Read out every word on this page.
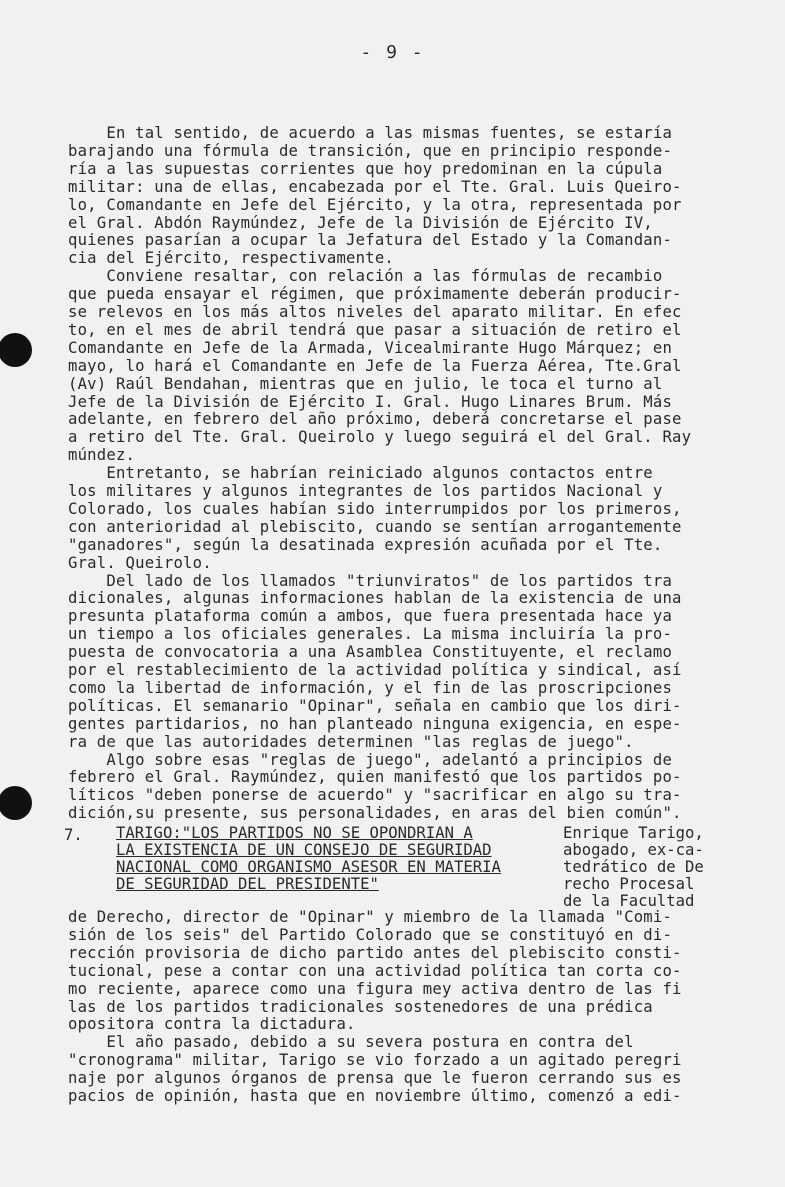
- 9 -
En tal sentido, de acuerdo a las mismas fuentes, se estaría
barajando una fórmula de transición, que en principio responde-
ría a las supuestas corrientes que hoy predominan en la cúpula
militar: una de ellas, encabezada por el Tte. Gral. Luis Queiro-
lo, Comandante en Jefe del Ejército, y la otra, representada por
el Gral. Abdón Raymúndez, Jefe de la División de Ejército IV,
quienes pasarían a ocupar la Jefatura del Estado y la Comandan-
cia del Ejército, respectivamente.
Conviene resaltar, con relación a las fórmulas de recambio
que pueda ensayar el régimen, que próximamente deberán producir-
se relevos en los más altos niveles del aparato militar. En efec
to, en el mes de abril tendrá que pasar a situación de retiro el
Comandante en Jefe de la Armada, Vicealmirante Hugo Márquez; en
mayo, lo hará el Comandante en Jefe de la Fuerza Aérea, Tte.Gral
(Av) Raúl Bendahan, mientras que en julio, le toca el turno al
Jefe de la División de Ejército I. Gral. Hugo Linares Brum. Más
adelante, en febrero del año próximo, deberá concretarse el pase
a retiro del Tte. Gral. Queirolo y luego seguirá el del Gral. Ray
múndez.
Entretanto, se habrían reiniciado algunos contactos entre
los militares y algunos integrantes de los partidos Nacional y
Colorado, los cuales habían sido interrumpidos por los primeros,
con anterioridad al plebiscito, cuando se sentían arrogantemente
"ganadores", según la desatinada expresión acuñada por el Tte.
Gral. Queirolo.
Del lado de los llamados "triunviratos" de los partidos tra
dicionales, algunas informaciones hablan de la existencia de una
presunta plataforma común a ambos, que fuera presentada hace ya
un tiempo a los oficiales generales. La misma incluiría la pro-
puesta de convocatoria a una Asamblea Constituyente, el reclamo
por el restablecimiento de la actividad política y sindical, así
como la libertad de información, y el fin de las proscripciones
políticas. El semanario "Opinar", señala en cambio que los diri-
gentes partidarios, no han planteado ninguna exigencia, en espe-
ra de que las autoridades determinen "las reglas de juego".
Algo sobre esas "reglas de juego", adelantó a principios de
febrero el Gral. Raymúndez, quien manifestó que los partidos po-
líticos "deben ponerse de acuerdo" y "sacrificar en algo su tra-
dición,su presente, sus personalidades, en aras del bien común".
7. TARIGO:"LOS PARTIDOS NO SE OPONDRIAN A
LA EXISTENCIA DE UN CONSEJO DE SEGURIDAD
NACIONAL COMO ORGANISMO ASESOR EN MATERIA
DE SEGURIDAD DEL PRESIDENTE"
Enrique Tarigo,
abogado, ex-ca-
tedrático de De
recho Procesal
de la Facultad
de Derecho, director de "Opinar" y miembro de la llamada "Comi-
sión de los seis" del Partido Colorado que se constituyó en di-
rección provisoria de dicho partido antes del plebiscito consti-
tucional, pese a contar con una actividad política tan corta co-
mo reciente, aparece como una figura mey activa dentro de las fi
las de los partidos tradicionales sostenedores de una prédica
opositora contra la dictadura.
El año pasado, debido a su severa postura en contra del
"cronograma" militar, Tarigo se vio forzado a un agitado peregri
naje por algunos órganos de prensa que le fueron cerrando sus es
pacios de opinión, hasta que en noviembre último, comenzó a edi-
